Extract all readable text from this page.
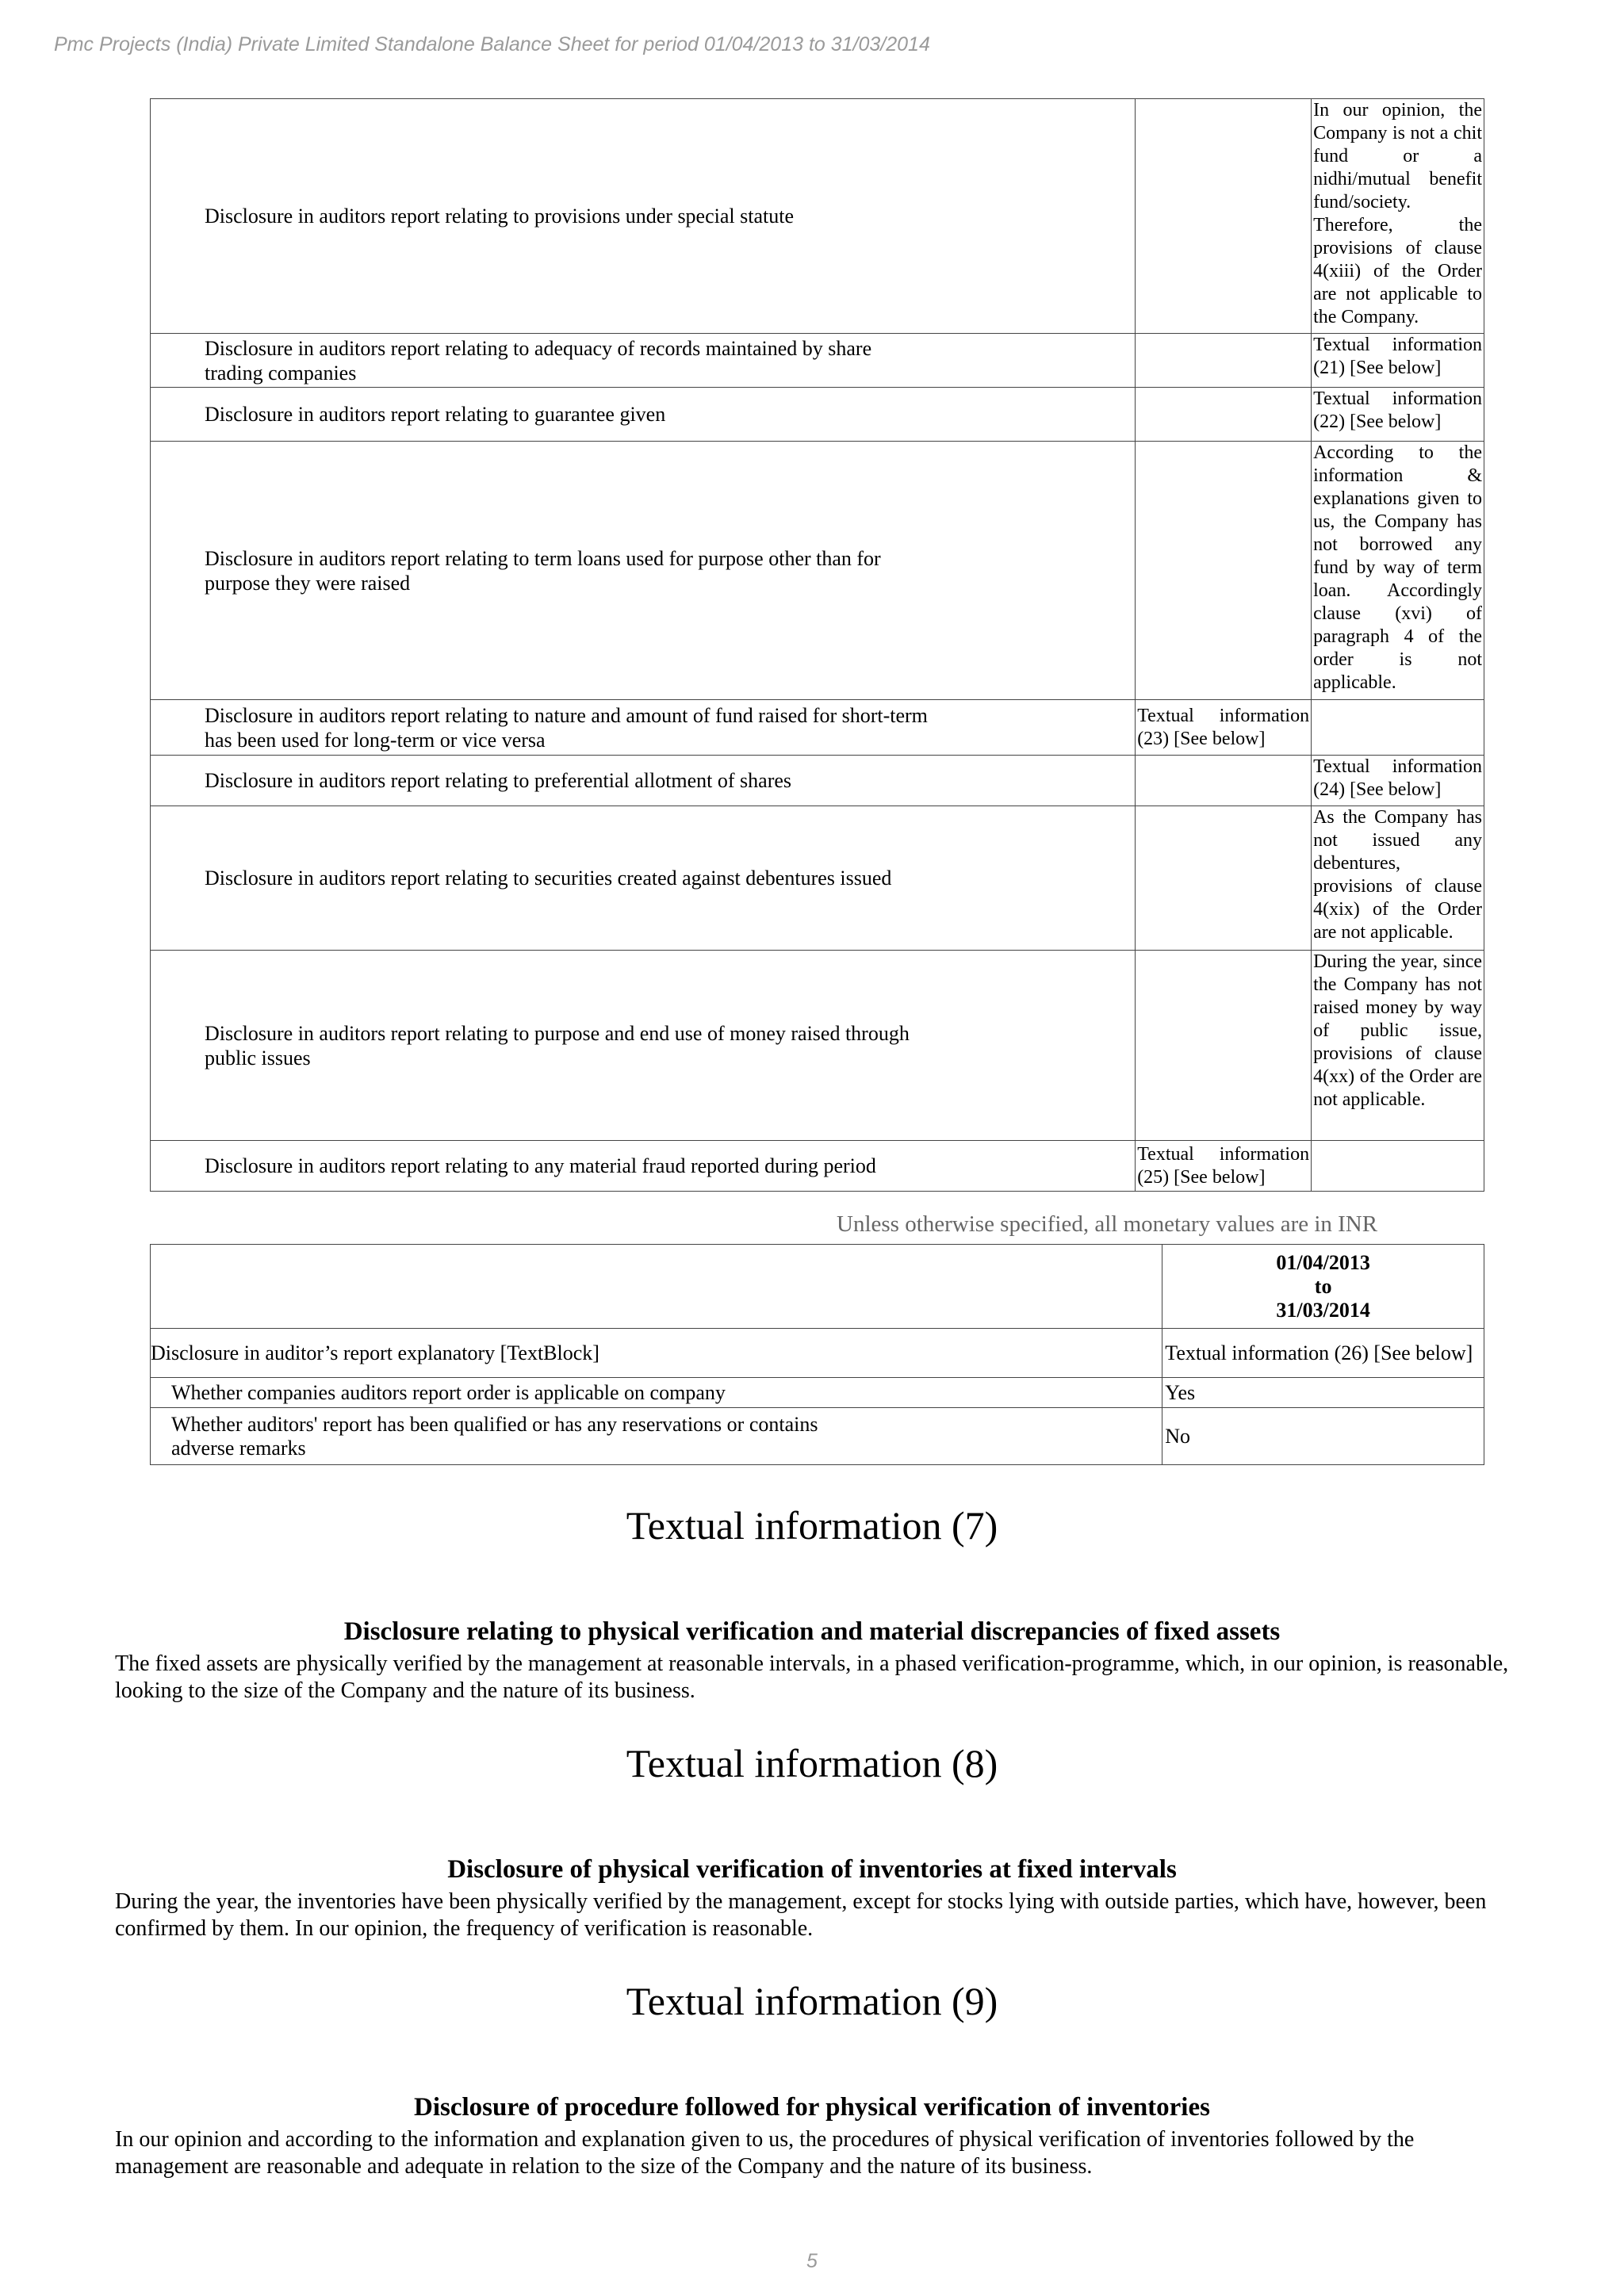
Pmc Projects (India) Private Limited Standalone Balance Sheet for period 01/04/2013 to 31/03/2014
Disclosure in auditors report relating to provisions under special statute		In our opinion, the Company is not a chit fund or a nidhi/mutual benefit fund/society. Therefore, the provisions of clause 4(xiii) of the Order are not applicable to the Company.
Disclosure in auditors report relating to adequacy of records maintained by share trading companies		Textual information (21) [See below]
Disclosure in auditors report relating to guarantee given		Textual information (22) [See below]
Disclosure in auditors report relating to term loans used for purpose other than for purpose they were raised		According to the information & explanations given to us, the Company has not borrowed any fund by way of term loan. Accordingly clause (xvi) of paragraph 4 of the order is not applicable.
Disclosure in auditors report relating to nature and amount of fund raised for short-term has been used for long-term or vice versa	Textual information (23) [See below]	
Disclosure in auditors report relating to preferential allotment of shares		Textual information (24) [See below]
Disclosure in auditors report relating to securities created against debentures issued		As the Company has not issued any debentures, provisions of clause 4(xix) of the Order are not applicable.
Disclosure in auditors report relating to purpose and end use of money raised through public issues		During the year, since the Company has not raised money by way of public issue, provisions of clause 4(xx) of the Order are not applicable.
Disclosure in auditors report relating to any material fraud reported during period	Textual information (25) [See below]	
Unless otherwise specified, all monetary values are in INR

	01/04/2013
to
31/03/2014

Disclosure in auditor’s report explanatory [TextBlock]	Textual information (26) [See below]
Whether companies auditors report order is applicable on company	Yes
Whether auditors' report has been qualified or has any reservations or contains adverse remarks	No
Textual information (7)
Disclosure relating to physical verification and material discrepancies of fixed assets
The fixed assets are physically verified by the management at reasonable intervals, in a phased verification-programme, which, in our opinion, is reasonable, looking to the size of the Company and the nature of its business.
Textual information (8)
Disclosure of physical verification of inventories at fixed intervals
During the year, the inventories have been physically verified by the management, except for stocks lying with outside parties, which have, however, been confirmed by them. In our opinion, the frequency of verification is reasonable.
Textual information (9)
Disclosure of procedure followed for physical verification of inventories
In our opinion and according to the information and explanation given to us, the procedures of physical verification of inventories followed by the management are reasonable and adequate in relation to the size of the Company and the nature of its business.
5
